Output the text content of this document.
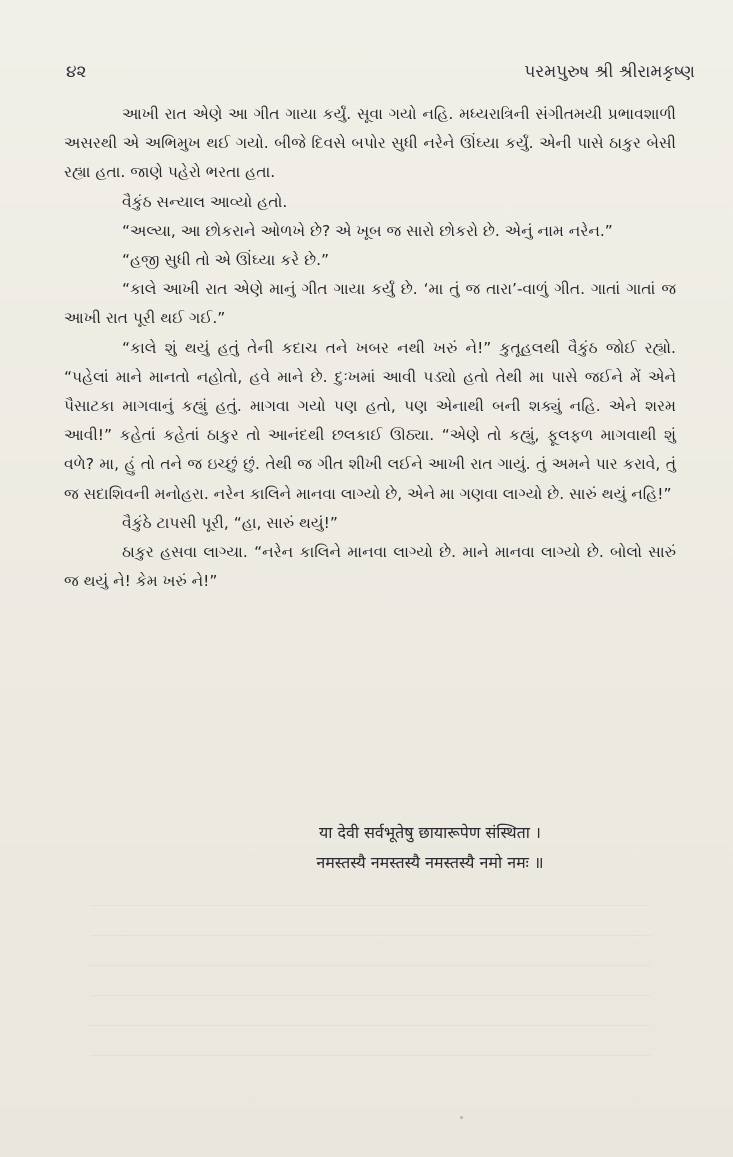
૪૨	પરમપુરુષ શ્રી શ્રીરામકૃષ્ણ

આખી રાત એણે આ ગીત ગાયા કર્યું. સૂવા ગયો નહિ. મધ્યરાત્રિની સંગીતમયી પ્રભાવશાળી અસરથી એ અભિમુખ થઈ ગયો. બીજે દિવસે બપોર સુધી નરેને ઊંઘ્યા કર્યું. એની પાસે ઠાકુર બેસી રહ્યા હતા. જાણે પહેરો ભરતા હતા.

વૈકુંઠ સન્યાલ આવ્યો હતો.

“અલ્યા, આ છોકરાને ઓળખે છે? એ ખૂબ જ સારો છોકરો છે. એનું નામ નરેન.”

“હજી સુધી તો એ ઊંઘ્યા કરે છે.”

“કાલે આખી રાત એણે માનું ગીત ગાયા કર્યું છે. ‘મા તું જ તારા’-વાળું ગીત. ગાતાં ગાતાં જ આખી રાત પૂરી થઈ ગઈ.”

“કાલે શું થયું હતું તેની કદાચ તને ખબર નથી ખરું ને!” કુતૂહલથી વૈકુંઠ જોઈ રહ્યો. “પહેલાં માને માનતો નહોતો, હવે માને છે. દુઃખમાં આવી પડ્યો હતો તેથી મા પાસે જઈને મેં એને પૈસાટકા માગવાનું કહ્યું હતું. માગવા ગયો પણ હતો, પણ એનાથી બની શક્યું નહિ. એને શરમ આવી!” કહેતાં કહેતાં ઠાકુર તો આનંદથી છલકાઈ ઊઠ્યા. “એણે તો કહ્યું, ફૂલફળ માગવાથી શું વળે? મા, હું તો તને જ ઇચ્છું છું. તેથી જ ગીત શીખી લઈને આખી રાત ગાયું. તું અમને પાર કરાવે, તું જ સદાશિવની મનોહરા. નરેન કાલિને માનવા લાગ્યો છે, એને મા ગણવા લાગ્યો છે. સારું થયું નહિ!”

વૈકુંઠે ટાપસી પૂરી, “હા, સારું થયું!”

ઠાકુર હસવા લાગ્યા. “નરેન કાલિને માનવા લાગ્યો છે. માને માનવા લાગ્યો છે. બોલો સારું જ થયું ને! કેમ ખરું ને!”

या देवी सर्वभूतेषु छायारूपेण संस्थिता ।
नमस्तस्यै नमस्तस्यै नमस्तस्यै नमो नमः ॥
